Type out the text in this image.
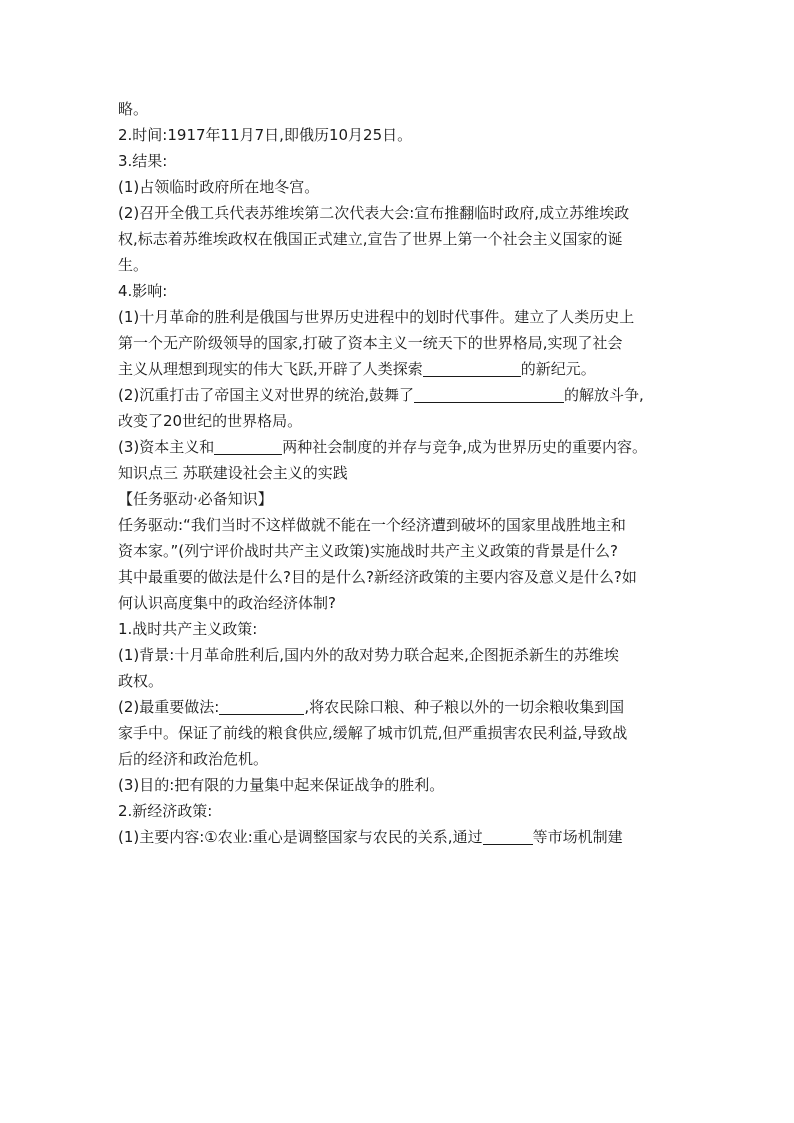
略。
2.时间:1917年11月7日,即俄历10月25日。
3.结果:
(1)占领临时政府所在地冬宫。
(2)召开全俄工兵代表苏维埃第二次代表大会:宣布推翻临时政府,成立苏维埃政
权,标志着苏维埃政权在俄国正式建立,宣告了世界上第一个社会主义国家的诞
生。
4.影响:
(1)十月革命的胜利是俄国与世界历史进程中的划时代事件。建立了人类历史上
第一个无产阶级领导的国家,打破了资本主义一统天下的世界格局,实现了社会
主义从理想到现实的伟大飞跃,开辟了人类探索	的新纪元。
(2)沉重打击了帝国主义对世界的统治,鼓舞了	的解放斗争,
改变了20世纪的世界格局。
(3)资本主义和	两种社会制度的并存与竞争,成为世界历史的重要内容。
知识点三 苏联建设社会主义的实践
【任务驱动·必备知识】
任务驱动:“我们当时不这样做就不能在一个经济遭到破坏的国家里战胜地主和
资本家。”(列宁评价战时共产主义政策)实施战时共产主义政策的背景是什么?
其中最重要的做法是什么?目的是什么?新经济政策的主要内容及意义是什么?如
何认识高度集中的政治经济体制?
1.战时共产主义政策:
(1)背景:十月革命胜利后,国内外的敌对势力联合起来,企图扼杀新生的苏维埃
政权。
(2)最重要做法:	,将农民除口粮、种子粮以外的一切余粮收集到国
家手中。保证了前线的粮食供应,缓解了城市饥荒,但严重损害农民利益,导致战
后的经济和政治危机。
(3)目的:把有限的力量集中起来保证战争的胜利。
2.新经济政策:
(1)主要内容:①农业:重心是调整国家与农民的关系,通过	等市场机制建
